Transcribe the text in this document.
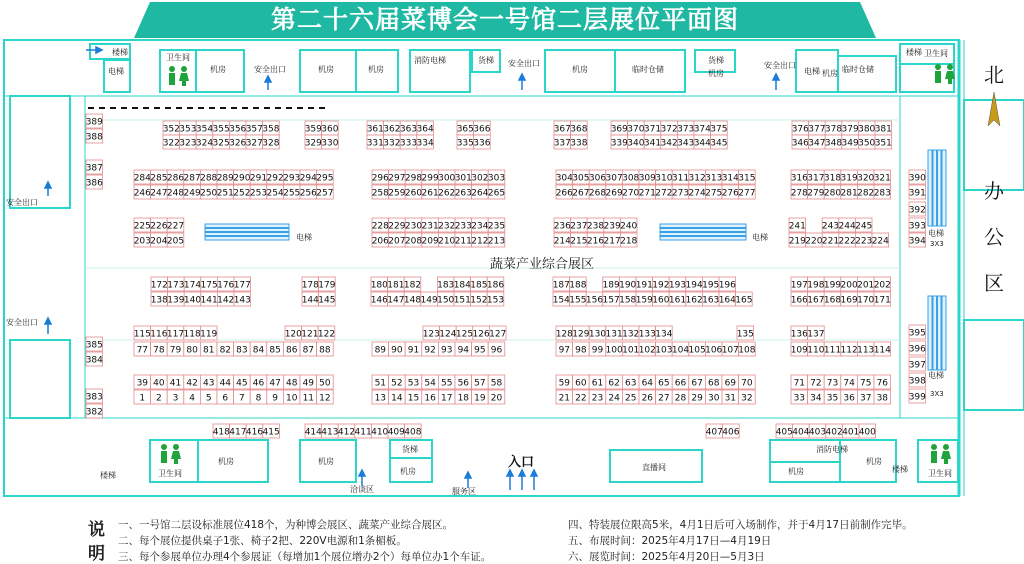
352 353 354 355 356 357 358	359 360	361 362 363 364	365 366	367 368	369 370 371 372 373 374 375	376 377 378 379 380 381
322 323 324 325 326 327 328	329 330	331 332 333 334	335 336	337 338	339 340 341 342 343 344 345	346 347 348 349 350 351
284 285 286 287 288 289 290 291 292 293 294 295	296 297 298 299 300 301 302 303	304 305 306 307 308 309 310 311 312 313 314 315	316 317 318 319 320 321
246 247 248 249 250 251 252 253 254 255 256 257	258 259 260 261 262 263 264 265	266 267 268 269 270 271 272 273 274 275 276 277	278 279 280 281 282 283
225 226 227	228 229 230 231 232 233 234 235	236 237 238 239 240	241 243 244 245
203 204 205	206 207 208 209 210 211 212 213	214 215 216 217 218	219 220 221 222 223 224
172 173 174 175 176 177	178 179	180 181 182 183 184 185 186	187 188 189 190 191 192 193 194 195 196	197 198 199 200 201 202
138 139 140 141 142 143	144 145	146 147 148 149 150 151 152 153	154 155 156 157 158 159 160 161 162 163 164 165	166 167 168 169 170 171
115 116 117 118 119	120 121 122	123 124 125 126 127	128 129 130 131 132 133 134	135	136 137
77 78 79 80 81 82 83 84 85 86 87 88	89 90 91 92 93 94 95 96	97 98 99 100 101 102 103 104 105 106 107 108	109 110 111 112 113 114
39 40 41 42 43 44 45 46 47 48 49 50	51 52 53 54 55 56 57 58	59 60 61 62 63 64 65 66 67 68 69 70	71 72 73 74 75 76
1 2 3 4 5 6 7 8 9 10 11 12	13 14 15 16 17 18 19 20	21 22 23 24 25 26 27 28 29 30 31 32	33 34 35 36 37 38
389
388
387
386
385
384
383
382
390
391
392
393
394
395
396
397
398
399
418 417 416 415	414 413 412 411 410 409 408	407 406	405 404 403 402 401 400
楼梯	楼梯
电梯	电梯
卫生间	卫生间
卫生间	卫生间
机房	机房	机房	机房	机房	机房
机房	机房
机房	机房
机房
安全出口
安全出口	安全出口
安全出口
安全出口
消防电梯
消防电梯
货梯	货梯
货梯
临时仓储	临时仓储
楼梯
楼梯
直播间
洽谈区	服务区
电梯	电梯	电梯
电梯
3X3
3X3
蔬菜产业综合展区
入口
北
办
公
区
第二十六届菜博会一号馆二层展位平面图
说
明
一、一号馆二层设标准展位418个，为种博会展区、蔬菜产业综合展区。
二、每个展位提供桌子1张、椅子2把、220V电源和1条楣板。
三、每个参展单位办理4个参展证（每增加1个展位增办2个）每单位办1个车证。
四、特装展位限高5米，4月1日后可入场制作，并于4月17日前制作完毕。
五、布展时间：2025年4月17日—4月19日
六、展览时间：2025年4月20日—5月3日
